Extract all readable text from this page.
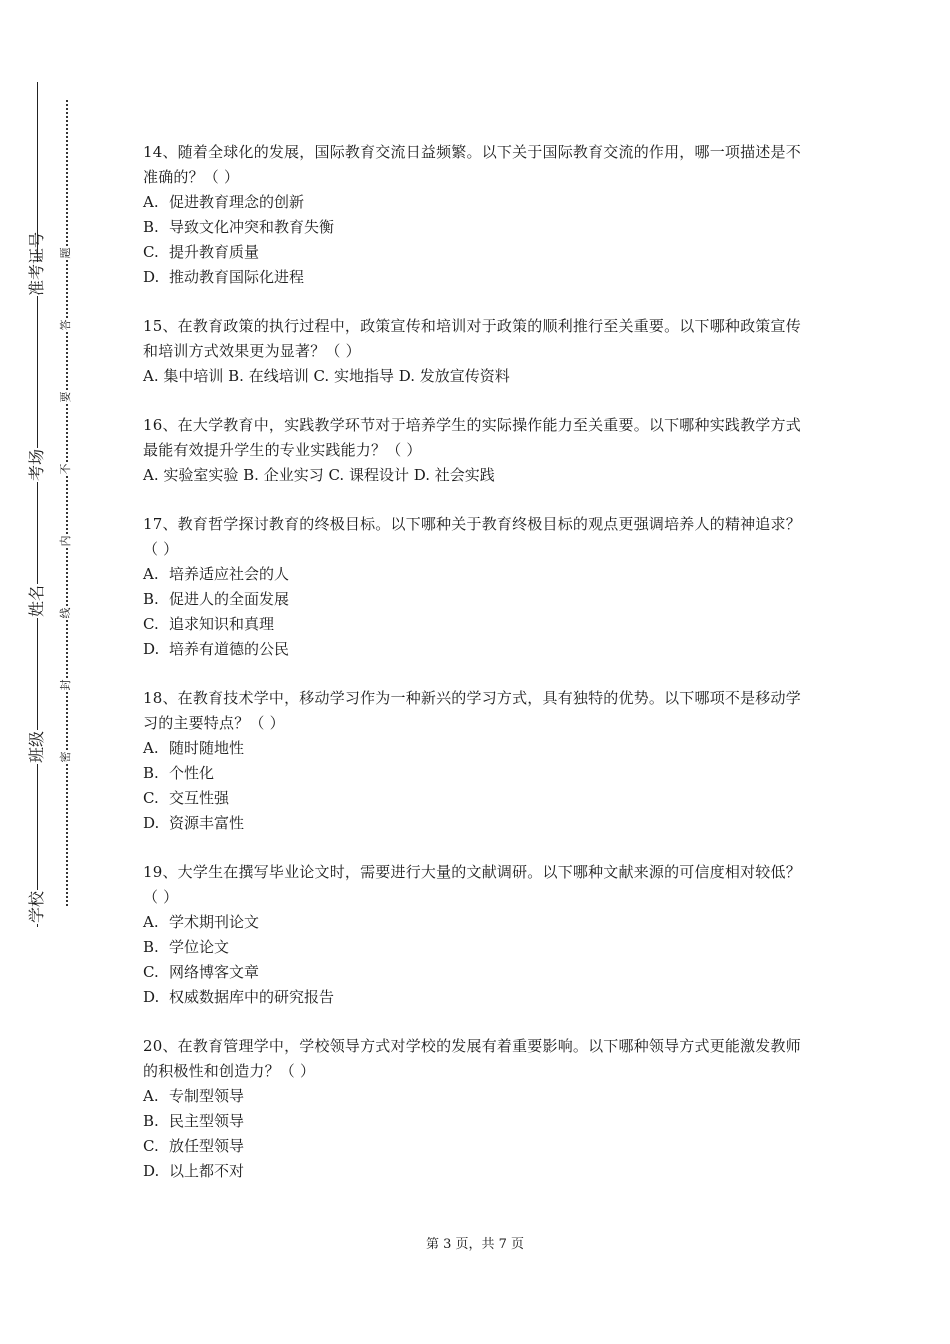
准考证号
考场
姓名
班级
学校
题
答
要
不
内
线
封
密

14、随着全球化的发展，国际教育交流日益频繁。以下关于国际教育交流的作用，哪一项描述是不准确的？（ ）

A. 促进教育理念的创新

B. 导致文化冲突和教育失衡

C. 提升教育质量

D. 推动教育国际化进程

15、在教育政策的执行过程中，政策宣传和培训对于政策的顺利推行至关重要。以下哪种政策宣传和培训方式效果更为显著？（ ）

A. 集中培训 B. 在线培训 C. 实地指导 D. 发放宣传资料

16、在大学教育中，实践教学环节对于培养学生的实际操作能力至关重要。以下哪种实践教学方式最能有效提升学生的专业实践能力？（ ）

A. 实验室实验 B. 企业实习 C. 课程设计 D. 社会实践

17、教育哲学探讨教育的终极目标。以下哪种关于教育终极目标的观点更强调培养人的精神追求？（ ）

A. 培养适应社会的人

B. 促进人的全面发展

C. 追求知识和真理

D. 培养有道德的公民

18、在教育技术学中，移动学习作为一种新兴的学习方式，具有独特的优势。以下哪项不是移动学习的主要特点？（ ）

A. 随时随地性

B. 个性化

C. 交互性强

D. 资源丰富性

19、大学生在撰写毕业论文时，需要进行大量的文献调研。以下哪种文献来源的可信度相对较低？（ ）

A. 学术期刊论文

B. 学位论文

C. 网络博客文章

D. 权威数据库中的研究报告

20、在教育管理学中，学校领导方式对学校的发展有着重要影响。以下哪种领导方式更能激发教师的积极性和创造力？（ ）

A. 专制型领导

B. 民主型领导

C. 放任型领导

D. 以上都不对

第 3 页，共 7 页
